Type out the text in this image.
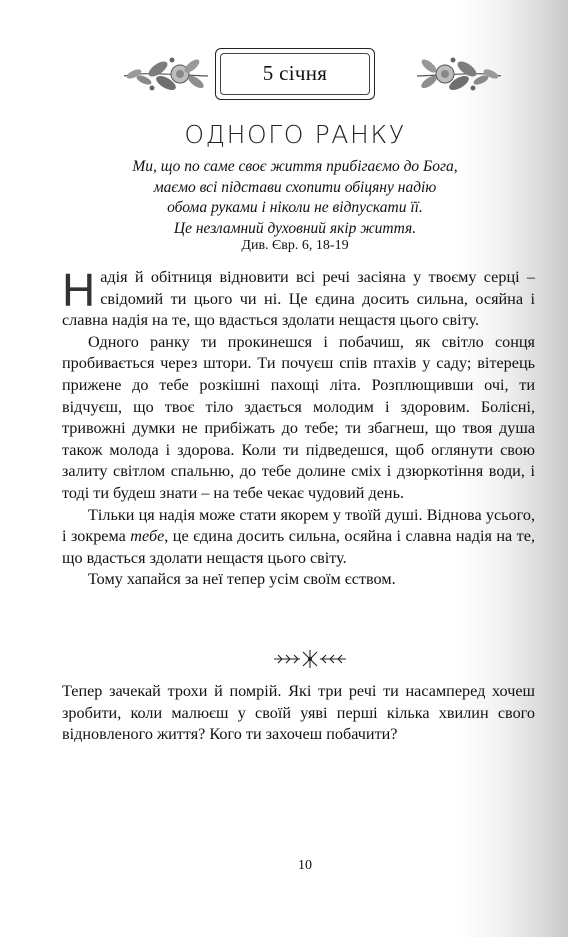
5 січня
ОДНОГО РАНКУ
Ми, що по саме своє життя прибігаємо до Бога,
маємо всі підстави схопити обіцяну надію
обома руками і ніколи не відпускати її.
Це незламний духовний якір життя.
Див. Євр. 6, 18-19

Надія й обітниця відновити всі речі засіяна у твоєму серці – свідомий ти цього чи ні. Це єдина досить сильна, осяйна і славна надія на те, що вдасться здолати нещастя цього світу.

Одного ранку ти прокинешся і побачиш, як світло сонця пробивається через штори. Ти почуєш спів птахів у саду; вітерець прижене до тебе розкішні пахощі літа. Розплющивши очі, ти відчуєш, що твоє тіло здається молодим і здоровим. Болісні, тривожні думки не прибіжать до тебе; ти збагнеш, що твоя душа також молода і здорова. Коли ти підведешся, щоб оглянути свою залиту світлом спальню, до тебе долине сміх і дзюркотіння води, і тоді ти будеш знати – на тебе чекає чудовий день.

Тільки ця надія може стати якорем у твоїй душі. Віднова усього, і зокрема тебе, це єдина досить сильна, осяйна і славна надія на те, що вдасться здолати нещастя цього світу.

Тому хапайся за неї тепер усім своїм єством.

Тепер зачекай трохи й помрій. Які три речі ти насамперед хочеш зробити, коли малюєш у своїй уяві перші кілька хвилин свого відновленого життя? Кого ти захочеш побачити?

10
